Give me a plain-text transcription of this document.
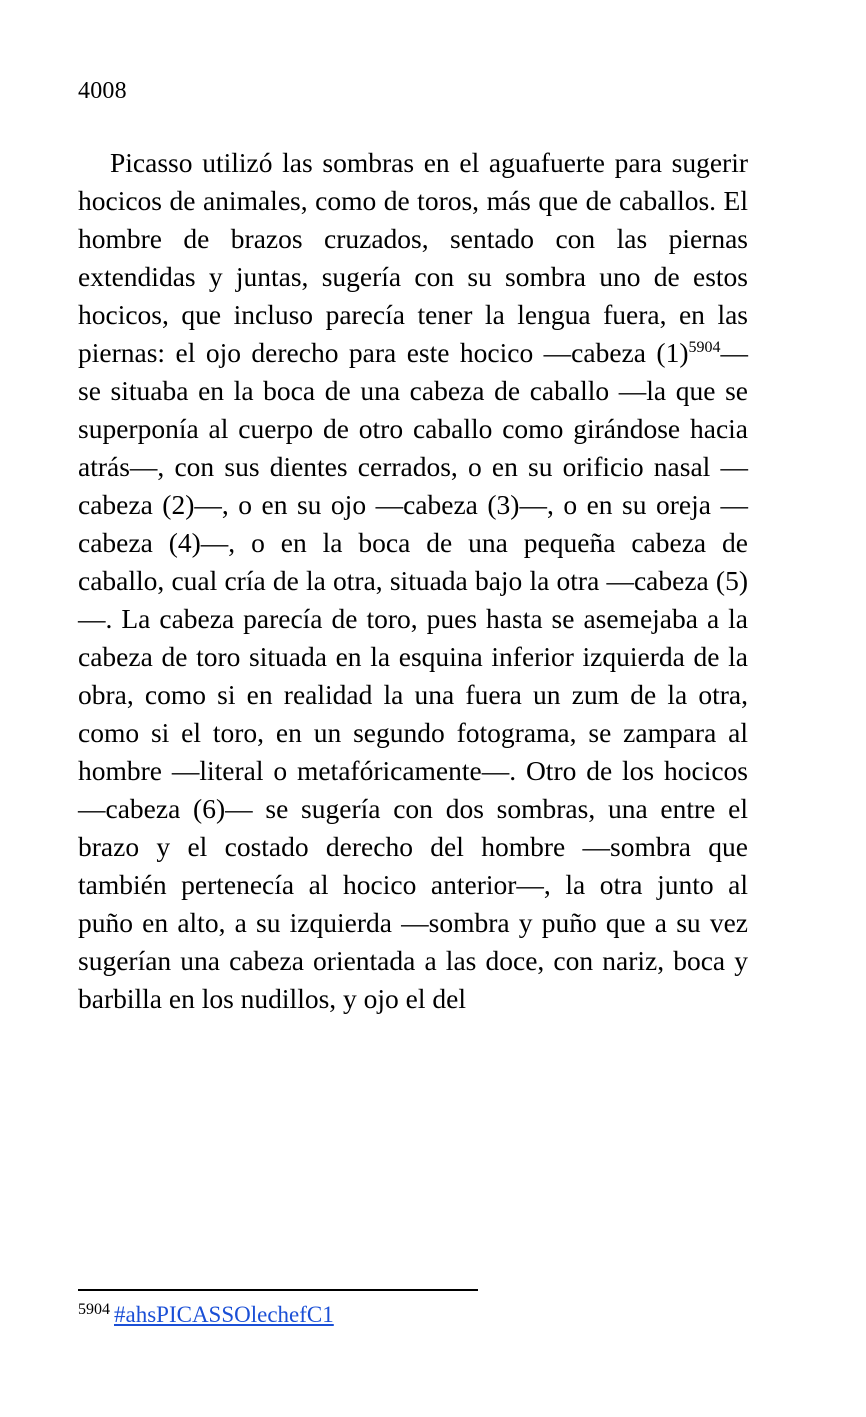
4008

Picasso utilizó las sombras en el aguafuerte para sugerir hocicos de animales, como de toros, más que de caballos. El hombre de brazos cruzados, sentado con las piernas extendidas y juntas, sugería con su sombra uno de estos hocicos, que incluso parecía tener la lengua fuera, en las piernas: el ojo derecho para este hocico —cabeza (1)$^{5904}$— se situaba en la boca de una cabeza de caballo —la que se superponía al cuerpo de otro caballo como girándose hacia atrás—, con sus dientes cerrados, o en su orificio nasal —cabeza (2)—, o en su ojo —cabeza (3)—, o en su oreja —cabeza (4)—, o en la boca de una pequeña cabeza de caballo, cual cría de la otra, situada bajo la otra —cabeza (5)—. La cabeza parecía de toro, pues hasta se asemejaba a la cabeza de toro situada en la esquina inferior izquierda de la obra, como si en realidad la una fuera un zum de la otra, como si el toro, en un segundo fotograma, se zampara al hombre —literal o metafóricamente—. Otro de los hocicos —cabeza (6)— se sugería con dos sombras, una entre el brazo y el costado derecho del hombre —sombra que también pertenecía al hocico anterior—, la otra junto al puño en alto, a su izquierda —sombra y puño que a su vez sugerían una cabeza orientada a las doce, con nariz, boca y barbilla en los nudillos, y ojo el del

$^{5904}$ #ahsPICASSOlechefC1
